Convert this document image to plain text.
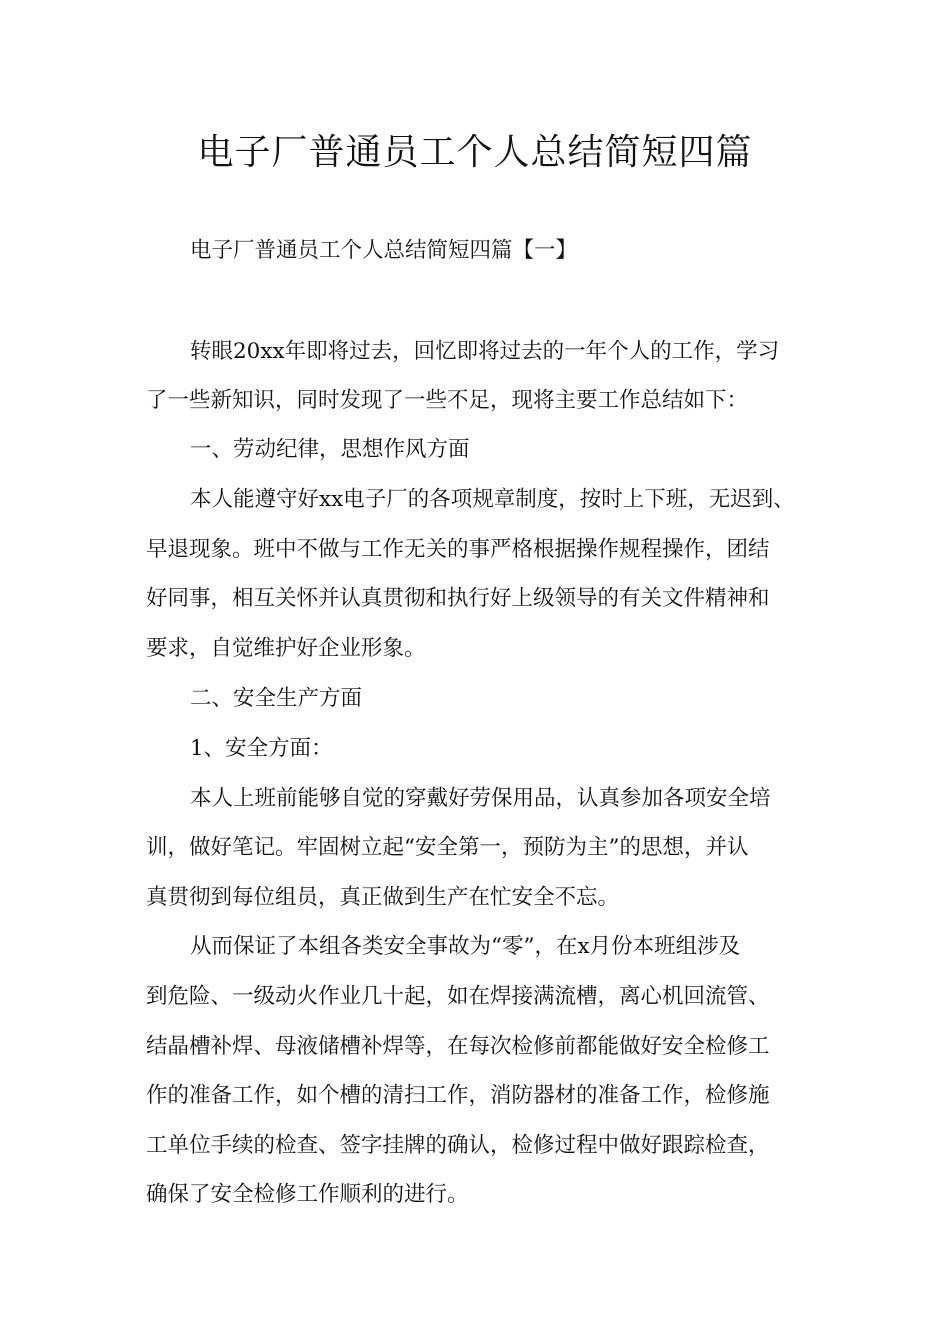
电子厂普通员工个人总结简短四篇
电子厂普通员工个人总结简短四篇【一】
转眼20xx年即将过去，回忆即将过去的一年个人的工作，学习
了一些新知识，同时发现了一些不足，现将主要工作总结如下：
一、劳动纪律，思想作风方面
本人能遵守好xx电子厂的各项规章制度，按时上下班，无迟到、
早退现象。班中不做与工作无关的事严格根据操作规程操作，团结
好同事，相互关怀并认真贯彻和执行好上级领导的有关文件精神和
要求，自觉维护好企业形象。
二、安全生产方面
1、安全方面：
本人上班前能够自觉的穿戴好劳保用品，认真参加各项安全培
训，做好笔记。牢固树立起“安全第一，预防为主”的思想，并认
真贯彻到每位组员，真正做到生产在忙安全不忘。
从而保证了本组各类安全事故为“零”，在x月份本班组涉及
到危险、一级动火作业几十起，如在焊接满流槽，离心机回流管、
结晶槽补焊、母液储槽补焊等，在每次检修前都能做好安全检修工
作的准备工作，如个槽的清扫工作，消防器材的准备工作，检修施
工单位手续的检查、签字挂牌的确认，检修过程中做好跟踪检查，
确保了安全检修工作顺利的进行。
